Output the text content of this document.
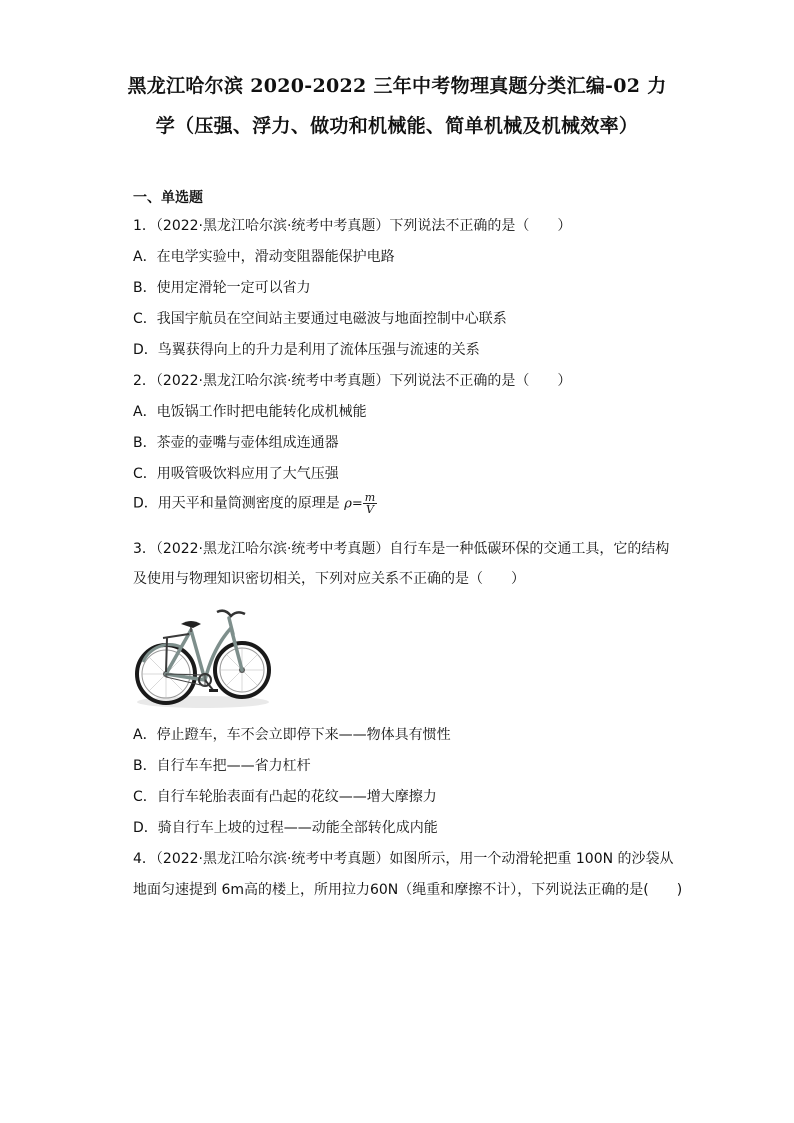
黑龙江哈尔滨 2020-2022 三年中考物理真题分类汇编-02 力
学（压强、浮力、做功和机械能、简单机械及机械效率）
一、单选题
1．（2022·黑龙江哈尔滨·统考中考真题）下列说法不正确的是（　　）
A．在电学实验中，滑动变阻器能保护电路
B．使用定滑轮一定可以省力
C．我国宇航员在空间站主要通过电磁波与地面控制中心联系
D．鸟翼获得向上的升力是利用了流体压强与流速的关系
2．（2022·黑龙江哈尔滨·统考中考真题）下列说法不正确的是（　　）
A．电饭锅工作时把电能转化成机械能
B．茶壶的壶嘴与壶体组成连通器
C．用吸管吸饮料应用了大气压强
D．用天平和量筒测密度的原理是 $\rho= \frac{m}{V}$
3．（2022·黑龙江哈尔滨·统考中考真题）自行车是一种低碳环保的交通工具，它的结构
及使用与物理知识密切相关，下列对应关系不正确的是（　　）
A．停止蹬车，车不会立即停下来——物体具有惯性
B．自行车车把——省力杠杆
C．自行车轮胎表面有凸起的花纹——增大摩擦力
D．骑自行车上坡的过程——动能全部转化成内能
4．（2022·黑龙江哈尔滨·统考中考真题）如图所示，用一个动滑轮把重 100N 的沙袋从
地面匀速提到 6m高的楼上，所用拉力60N（绳重和摩擦不计），下列说法正确的是(　　)
